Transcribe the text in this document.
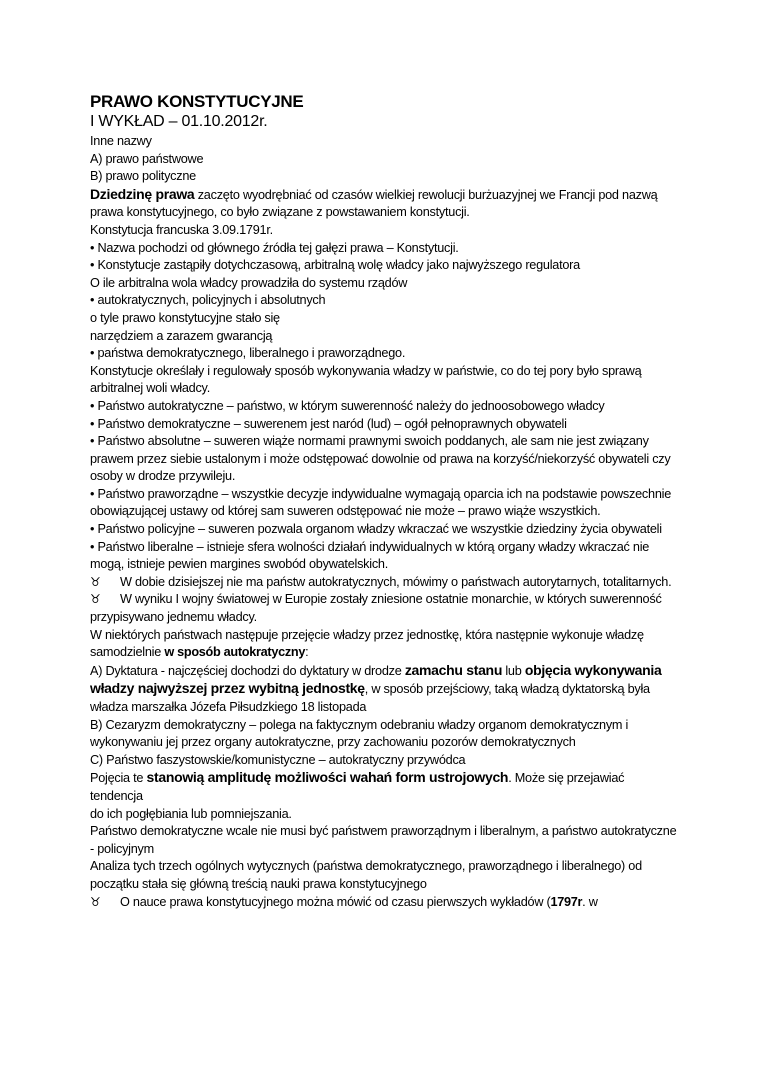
PRAWO KONSTYTUCYJNE

I WYKŁAD – 01.10.2012r.

Inne nazwy

A) prawo państwowe

B) prawo polityczne

Dziedzinę prawa zaczęto wyodrębniać od czasów wielkiej rewolucji burżuazyjnej we Francji pod nazwą prawa konstytucyjnego, co było związane z powstawaniem konstytucji.

Konstytucja francuska 3.09.1791r.

• Nazwa pochodzi od głównego źródła tej gałęzi prawa – Konstytucji.

• Konstytucje zastąpiły dotychczasową, arbitralną wolę władcy jako najwyższego regulatora

O ile arbitralna wola władcy prowadziła do systemu rządów

• autokratycznych, policyjnych i absolutnych

o tyle prawo konstytucyjne stało się

narzędziem a zarazem gwarancją

• państwa demokratycznego, liberalnego i praworządnego.

Konstytucje określały i regulowały sposób wykonywania władzy w państwie, co do tej pory było sprawą arbitralnej woli władcy.

• Państwo autokratyczne – państwo, w którym suwerenność należy do jednoosobowego władcy

• Państwo demokratyczne – suwerenem jest naród (lud) – ogół pełnoprawnych obywateli

• Państwo absolutne – suweren wiąże normami prawnymi swoich poddanych, ale sam nie jest związany prawem przez siebie ustalonym i może odstępować dowolnie od prawa na korzyść/niekorzyść obywateli czy osoby w drodze przywileju.

• Państwo praworządne – wszystkie decyzje indywidualne wymagają oparcia ich na podstawie powszechnie obowiązującej ustawy od której sam suweren odstępować nie może – prawo wiąże wszystkich.

• Państwo policyjne – suweren pozwala organom władzy wkraczać we wszystkie dziedziny życia obywateli

• Państwo liberalne – istnieje sfera wolności działań indywidualnych w którą organy władzy wkraczać nie mogą, istnieje pewien margines swobód obywatelskich.

♉ W dobie dzisiejszej nie ma państw autokratycznych, mówimy o państwach autorytarnych, totalitarnych.

♉ W wyniku I wojny światowej w Europie zostały zniesione ostatnie monarchie, w których suwerenność przypisywano jednemu władcy.

W niektórych państwach następuje przejęcie władzy przez jednostkę, która następnie wykonuje władzę samodzielnie w sposób autokratyczny:

A) Dyktatura - najczęściej dochodzi do dyktatury w drodze zamachu stanu lub objęcia wykonywania władzy najwyższej przez wybitną jednostkę, w sposób przejściowy, taką władzą dyktatorską była władza marszałka Józefa Piłsudzkiego 18 listopada

B) Cezaryzm demokratyczny – polega na faktycznym odebraniu władzy organom demokratycznym i wykonywaniu jej przez organy autokratyczne, przy zachowaniu pozorów demokratycznych

C) Państwo faszystowskie/komunistyczne – autokratyczny przywódca

Pojęcia te stanowią amplitudę możliwości wahań form ustrojowych. Może się przejawiać tendencja

do ich pogłębiania lub pomniejszania.

Państwo demokratyczne wcale nie musi być państwem praworządnym i liberalnym, a państwo autokratyczne - policyjnym

Analiza tych trzech ogólnych wytycznych (państwa demokratycznego, praworządnego i liberalnego) od początku stała się główną treścią nauki prawa konstytucyjnego

♉ O nauce prawa konstytucyjnego można mówić od czasu pierwszych wykładów (1797r. w
